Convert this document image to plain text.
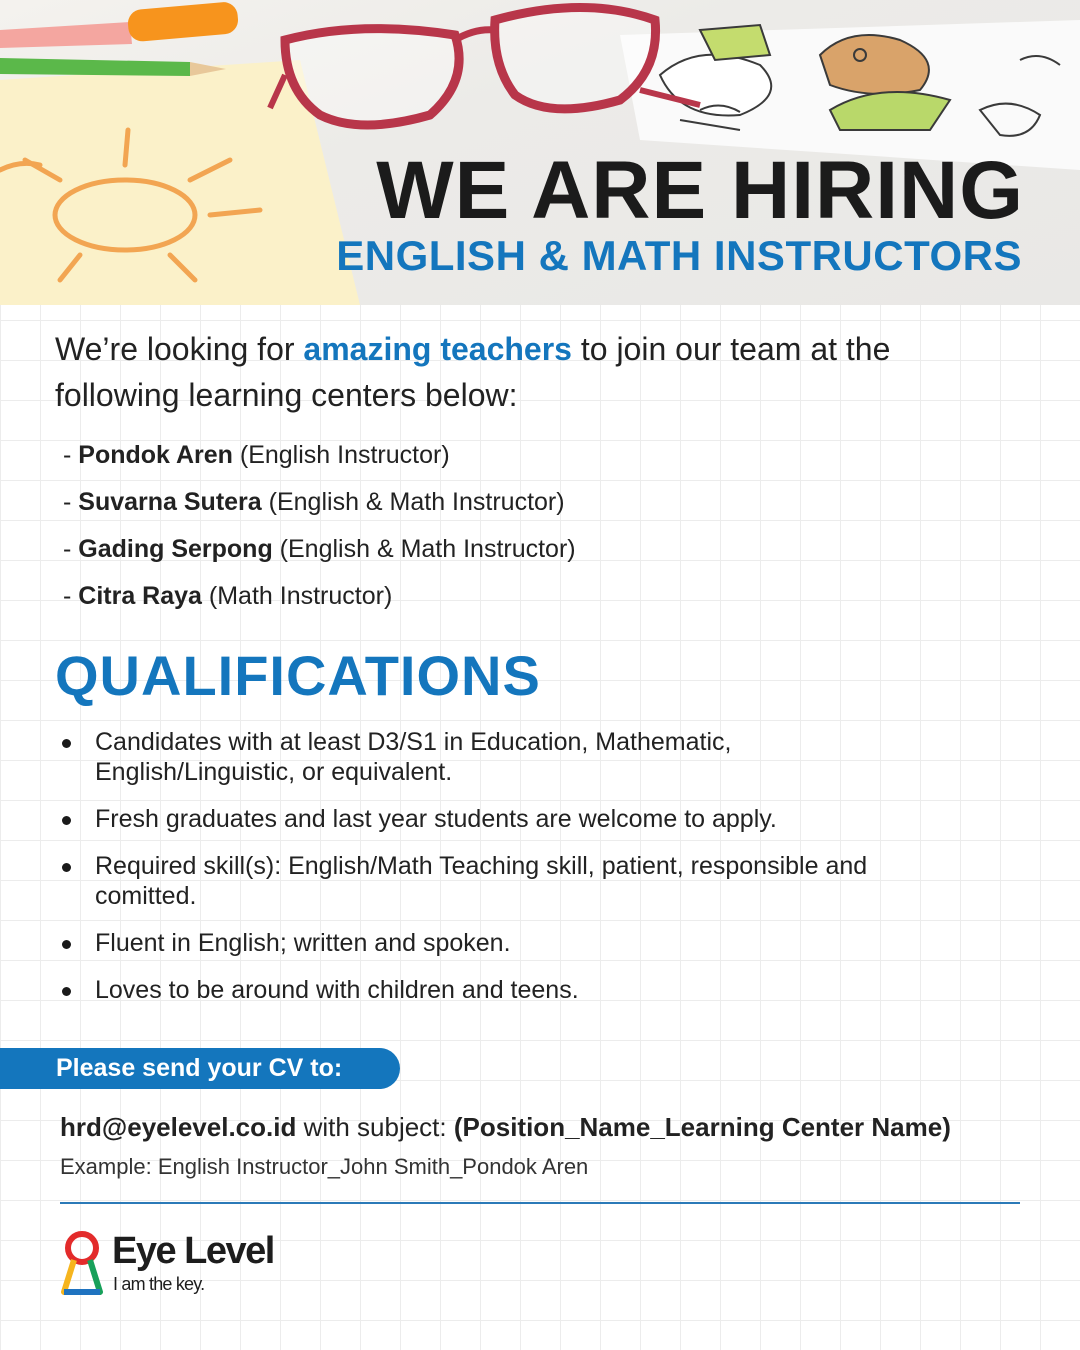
WE ARE HIRING
ENGLISH & MATH INSTRUCTORS

We’re looking for amazing teachers to join our team at the following learning centers below:

- Pondok Aren (English Instructor)
- Suvarna Sutera (English & Math Instructor)
- Gading Serpong (English & Math Instructor)
- Citra Raya (Math Instructor)
QUALIFICATIONS
Candidates with at least D3/S1 in Education, Mathematic, English/Linguistic, or equivalent.
Fresh graduates and last year students are welcome to apply.
Required skill(s): English/Math Teaching skill, patient, responsible and comitted.
Fluent in English; written and spoken.
Loves to be around with children and teens.
Please send your CV to:
hrd@eyelevel.co.id with subject: (Position_Name_Learning Center Name)
Example: English Instructor_John Smith_Pondok Aren
Eye Level
I am the key.
